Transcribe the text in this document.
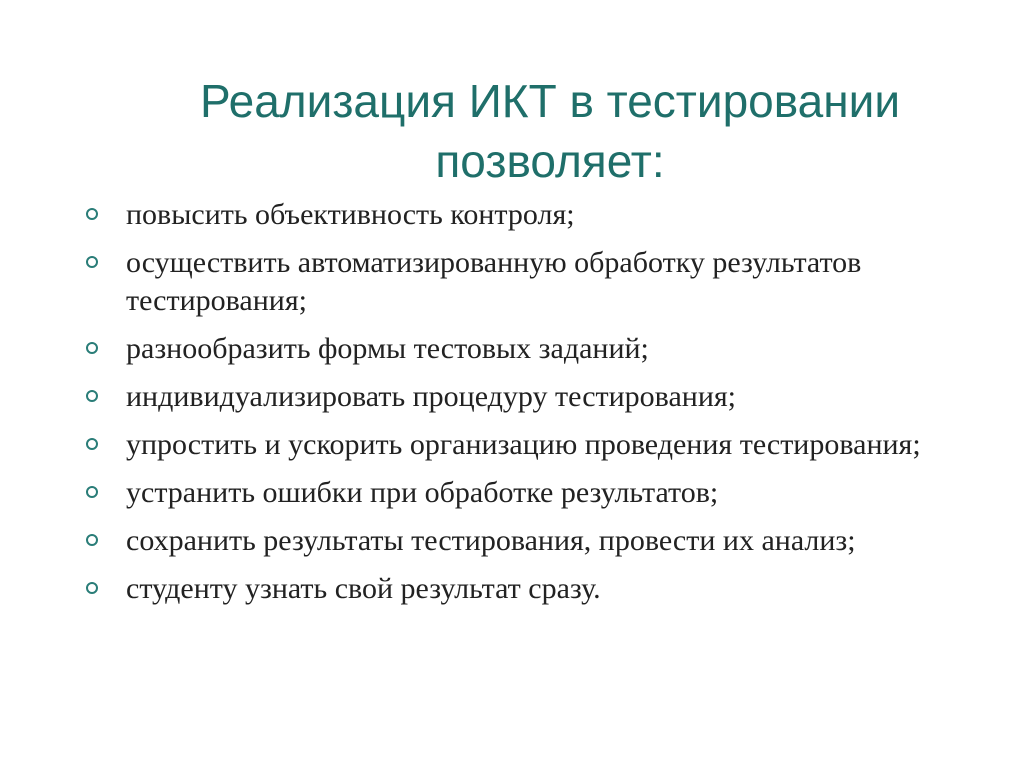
Реализация ИКТ в тестировании
позволяет:
повысить объективность контроля;
осуществить автоматизированную обработку результатов тестирования;
разнообразить формы тестовых заданий;
индивидуализировать процедуру тестирования;
упростить и ускорить организацию проведения тестирования;
устранить ошибки при обработке результатов;
сохранить результаты тестирования, провести их анализ;
студенту узнать свой результат сразу.
